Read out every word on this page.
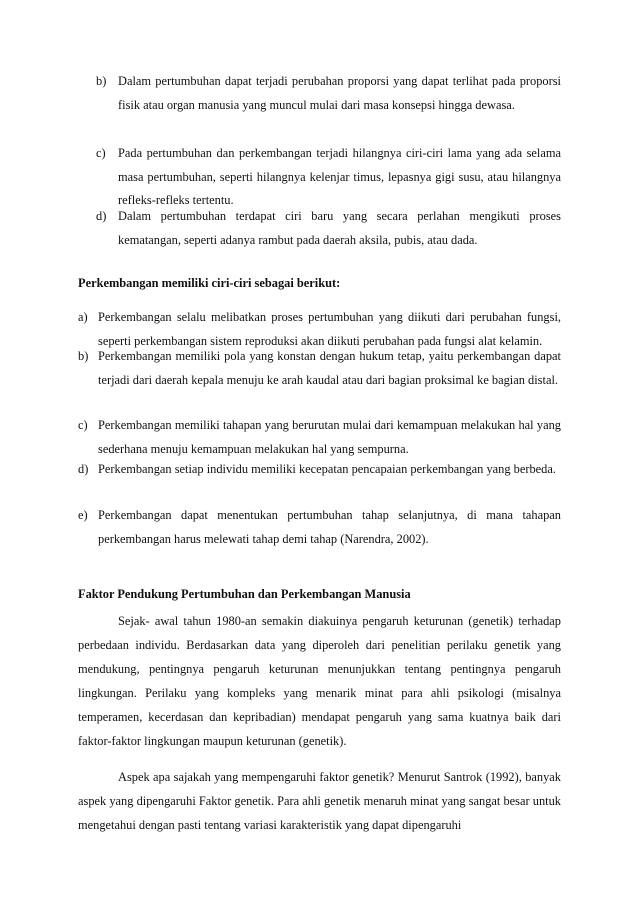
b) Dalam pertumbuhan dapat terjadi perubahan proporsi yang dapat terlihat pada proporsi fisik atau organ manusia yang muncul mulai dari masa konsepsi hingga dewasa.
c) Pada pertumbuhan dan perkembangan terjadi hilangnya ciri-ciri lama yang ada selama masa pertumbuhan, seperti hilangnya kelenjar timus, lepasnya gigi susu, atau hilangnya refleks-refleks tertentu.
d) Dalam pertumbuhan terdapat ciri baru yang secara perlahan mengikuti proses kematangan, seperti adanya rambut pada daerah aksila, pubis, atau dada.
Perkembangan memiliki ciri-ciri sebagai berikut:
a) Perkembangan selalu melibatkan proses pertumbuhan yang diikuti dari perubahan fungsi, seperti perkembangan sistem reproduksi akan diikuti perubahan pada fungsi alat kelamin.
b) Perkembangan memiliki pola yang konstan dengan hukum tetap, yaitu perkembangan dapat terjadi dari daerah kepala menuju ke arah kaudal atau dari bagian proksimal ke bagian distal.
c) Perkembangan memiliki tahapan yang berurutan mulai dari kemampuan melakukan hal yang sederhana menuju kemampuan melakukan hal yang sempurna.
d) Perkembangan setiap individu memiliki kecepatan pencapaian perkembangan yang berbeda.
e) Perkembangan dapat menentukan pertumbuhan tahap selanjutnya, di mana tahapan perkembangan harus melewati tahap demi tahap (Narendra, 2002).
Faktor Pendukung Pertumbuhan dan Perkembangan Manusia
Sejak- awal tahun 1980-an semakin diakuinya pengaruh keturunan (genetik) terhadap perbedaan individu. Berdasarkan data yang diperoleh dari penelitian perilaku genetik yang mendukung, pentingnya pengaruh keturunan menunjukkan tentang pentingnya pengaruh lingkungan. Perilaku yang kompleks yang menarik minat para ahli psikologi (misalnya temperamen, kecerdasan dan kepribadian) mendapat pengaruh yang sama kuatnya baik dari faktor-faktor lingkungan maupun keturunan (genetik).
Aspek apa sajakah yang mempengaruhi faktor genetik? Menurut Santrok (1992), banyak aspek yang dipengaruhi Faktor genetik. Para ahli genetik menaruh minat yang sangat besar untuk mengetahui dengan pasti tentang variasi karakteristik yang dapat dipengaruhi
